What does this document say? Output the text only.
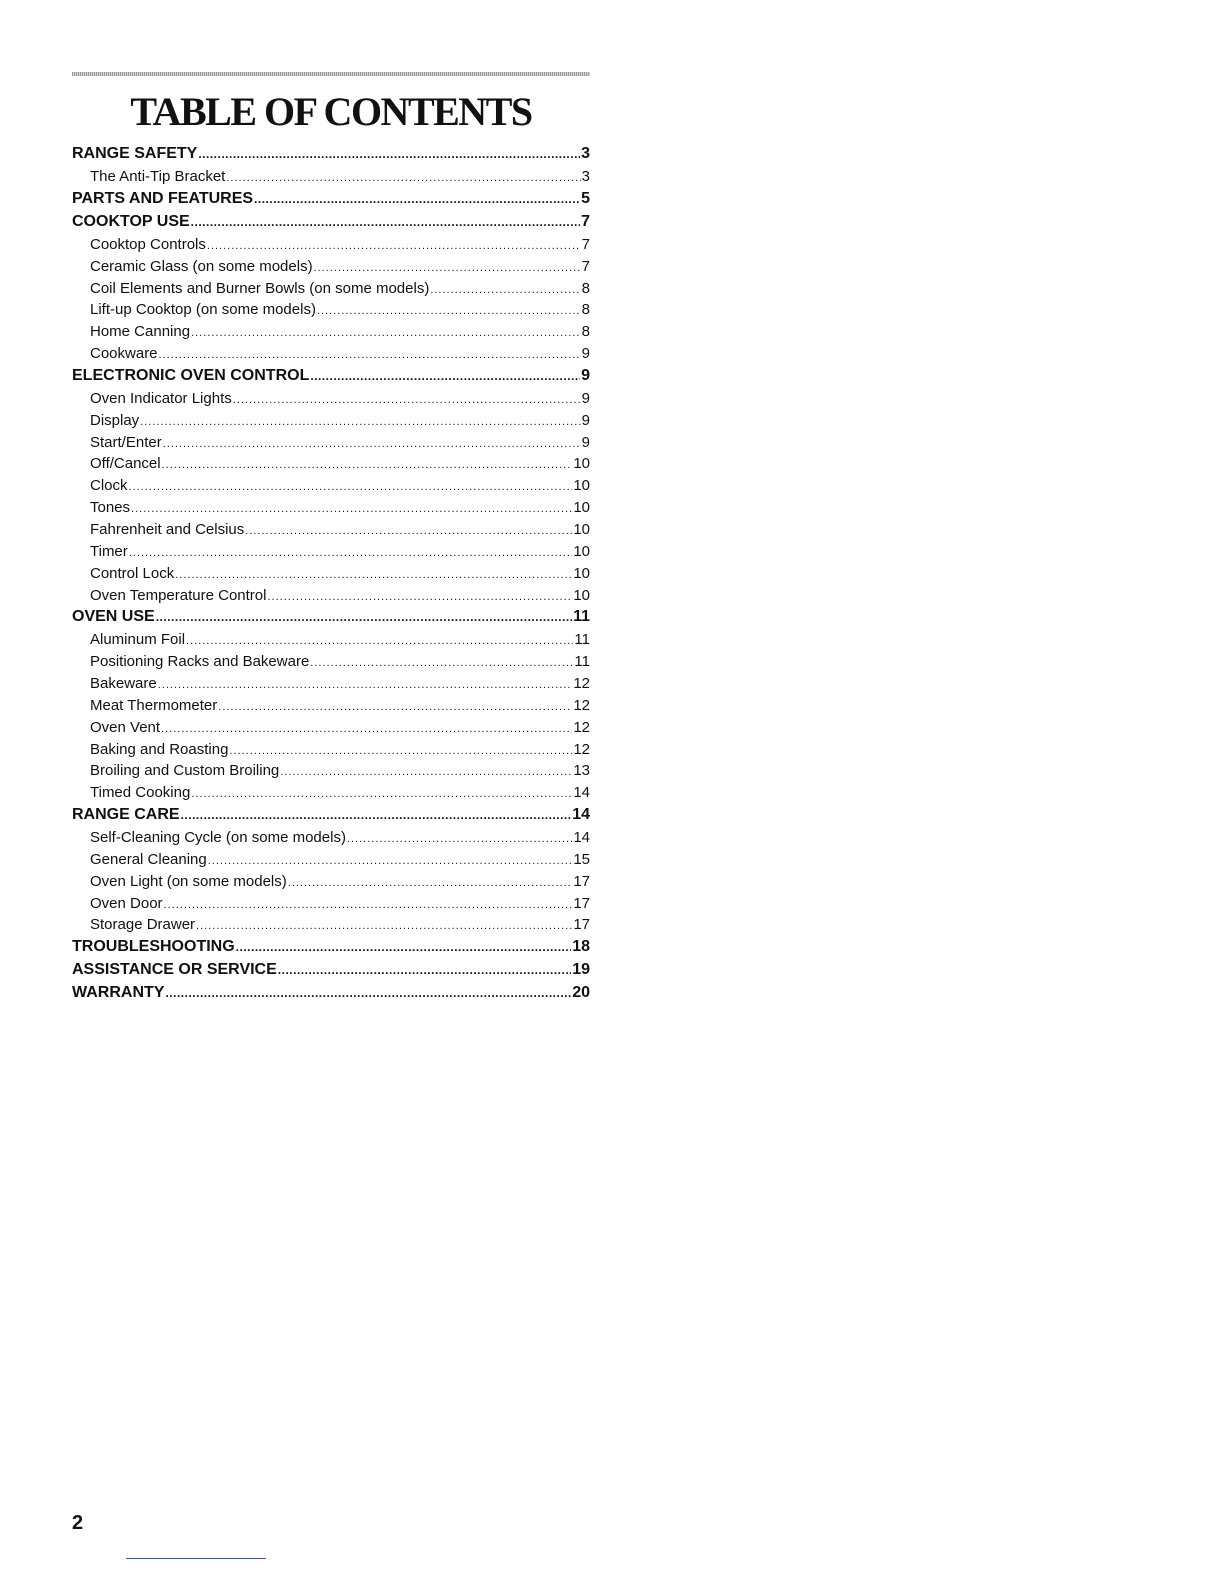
TABLE OF CONTENTS
RANGE SAFETY .....	3
The Anti-Tip Bracket .....	3
PARTS AND FEATURES .....	5
COOKTOP USE .....	7
Cooktop Controls .....	7
Ceramic Glass (on some models) .....	7
Coil Elements and Burner Bowls (on some models) .....	8
Lift-up Cooktop (on some models) .....	8
Home Canning .....	8
Cookware .....	9
ELECTRONIC OVEN CONTROL .....	9
Oven Indicator Lights .....	9
Display .....	9
Start/Enter .....	9
Off/Cancel .....	10
Clock .....	10
Tones .....	10
Fahrenheit and Celsius .....	10
Timer .....	10
Control Lock .....	10
Oven Temperature Control .....	10
OVEN USE .....	11
Aluminum Foil .....	11
Positioning Racks and Bakeware .....	11
Bakeware .....	12
Meat Thermometer .....	12
Oven Vent .....	12
Baking and Roasting .....	12
Broiling and Custom Broiling .....	13
Timed Cooking .....	14
RANGE CARE .....	14
Self-Cleaning Cycle (on some models) .....	14
General Cleaning .....	15
Oven Light (on some models) .....	17
Oven Door .....	17
Storage Drawer .....	17
TROUBLESHOOTING .....	18
ASSISTANCE OR SERVICE .....	19
WARRANTY .....	20
2
